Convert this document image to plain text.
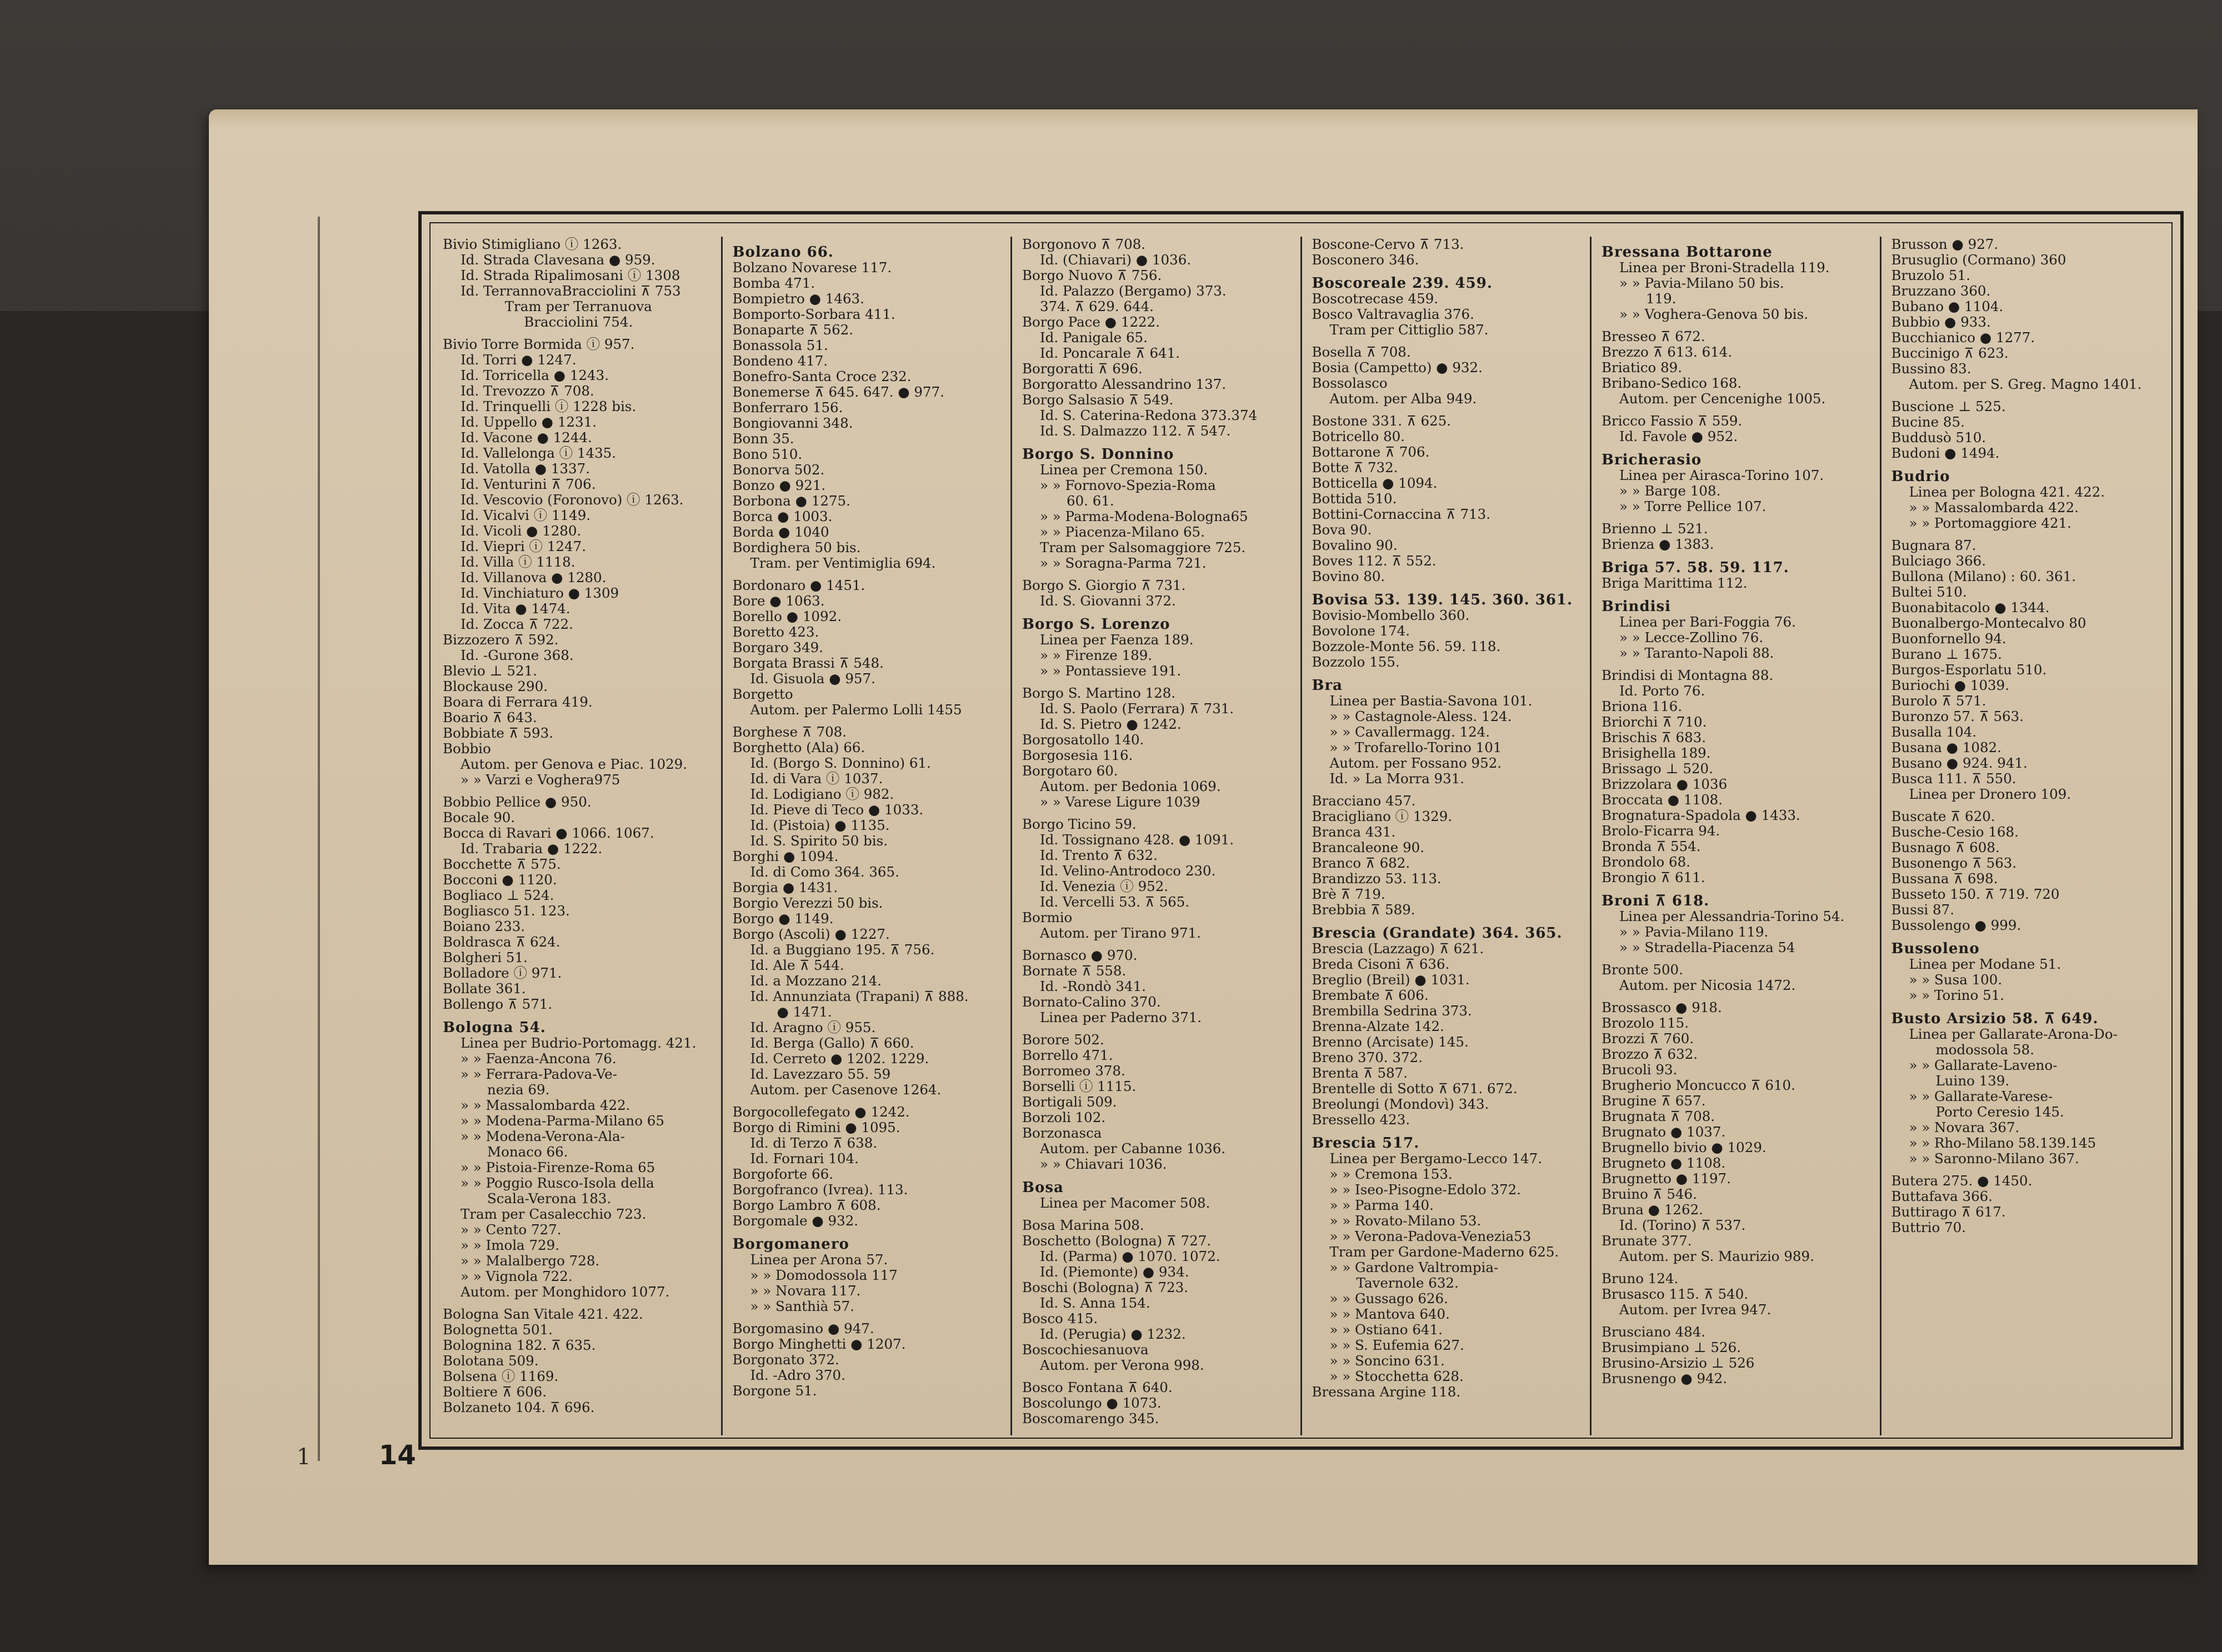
1	14
Bivio Stimigliano ⓘ 1263.
Id. Strada Clavesana ● 959.
Id. Strada Ripalimosani ⓘ 1308
Id. TerrannovaBracciolini ⊼ 753
Tram per Terranuova
Bracciolini 754.
Bivio Torre Bormida ⓘ 957.
Id. Torri ● 1247.
Id. Torricella ● 1243.
Id. Trevozzo ⊼ 708.
Id. Trinquelli ⓘ 1228 bis.
Id. Uppello ● 1231.
Id. Vacone ● 1244.
Id. Vallelonga ⓘ 1435.
Id. Vatolla ● 1337.
Id. Venturini ⊼ 706.
Id. Vescovio (Foronovo) ⓘ 1263.
Id. Vicalvi ⓘ 1149.
Id. Vicoli ● 1280.
Id. Viepri ⓘ 1247.
Id. Villa ⓘ 1118.
Id. Villanova ● 1280.
Id. Vinchiaturo ● 1309
Id. Vita ● 1474.
Id. Zocca ⊼ 722.
Bizzozero ⊼ 592.
Id. -Gurone 368.
Blevio ⊥ 521.
Blockause 290.
Boara di Ferrara 419.
Boario ⊼ 643.
Bobbiate ⊼ 593.
Bobbio
Autom. per Genova e Piac. 1029.
» » Varzi e Voghera975
Bobbio Pellice ● 950.
Bocale 90.
Bocca di Ravari ● 1066. 1067.
Id. Trabaria ● 1222.
Bocchette ⊼ 575.
Bocconi ● 1120.
Bogliaco ⊥ 524.
Bogliasco 51. 123.
Boiano 233.
Boldrasca ⊼ 624.
Bolgheri 51.
Bolladore ⓘ 971.
Bollate 361.
Bollengo ⊼ 571.
Bologna 54.
Linea per Budrio-Portomagg. 421.
» » Faenza-Ancona 76.
» » Ferrara-Padova-Ve-
nezia 69.
» » Massalombarda 422.
» » Modena-Parma-Milano 65
» » Modena-Verona-Ala-
Monaco 66.
» » Pistoia-Firenze-Roma 65
» » Poggio Rusco-Isola della
Scala-Verona 183.
Tram per Casalecchio 723.
» » Cento 727.
» » Imola 729.
» » Malalbergo 728.
» » Vignola 722.
Autom. per Monghidoro 1077.
Bologna San Vitale 421. 422.
Bolognetta 501.
Bolognina 182. ⊼ 635.
Bolotana 509.
Bolsena ⓘ 1169.
Boltiere ⊼ 606.
Bolzaneto 104. ⊼ 696.
Bolzano 66.
Bolzano Novarese 117.
Bomba 471.
Bompietro ● 1463.
Bomporto-Sorbara 411.
Bonaparte ⊼ 562.
Bonassola 51.
Bondeno 417.
Bonefro-Santa Croce 232.
Bonemerse ⊼ 645. 647. ● 977.
Bonferraro 156.
Bongiovanni 348.
Bonn 35.
Bono 510.
Bonorva 502.
Bonzo ● 921.
Borbona ● 1275.
Borca ● 1003.
Borda ● 1040
Bordighera 50 bis.
Tram. per Ventimiglia 694.
Bordonaro ● 1451.
Bore ● 1063.
Borello ● 1092.
Boretto 423.
Borgaro 349.
Borgata Brassi ⊼ 548.
Id. Gisuola ● 957.
Borgetto
Autom. per Palermo Lolli 1455
Borghese ⊼ 708.
Borghetto (Ala) 66.
Id. (Borgo S. Donnino) 61.
Id. di Vara ⓘ 1037.
Id. Lodigiano ⓘ 982.
Id. Pieve di Teco ● 1033.
Id. (Pistoia) ● 1135.
Id. S. Spirito 50 bis.
Borghi ● 1094.
Id. di Como 364. 365.
Borgia ● 1431.
Borgio Verezzi 50 bis.
Borgo ● 1149.
Borgo (Ascoli) ● 1227.
Id. a Buggiano 195. ⊼ 756.
Id. Ale ⊼ 544.
Id. a Mozzano 214.
Id. Annunziata (Trapani) ⊼ 888.
● 1471.
Id. Aragno ⓘ 955.
Id. Berga (Gallo) ⊼ 660.
Id. Cerreto ● 1202. 1229.
Id. Lavezzaro 55. 59
Autom. per Casenove 1264.
Borgocollefegato ● 1242.
Borgo di Rimini ● 1095.
Id. di Terzo ⊼ 638.
Id. Fornari 104.
Borgoforte 66.
Borgofranco (Ivrea). 113.
Borgo Lambro ⊼ 608.
Borgomale ● 932.
Borgomanero
Linea per Arona 57.
» » Domodossola 117
» » Novara 117.
» » Santhià 57.
Borgomasino ● 947.
Borgo Minghetti ● 1207.
Borgonato 372.
Id. -Adro 370.
Borgone 51.
Borgonovo ⊼ 708.
Id. (Chiavari) ● 1036.
Borgo Nuovo ⊼ 756.
Id. Palazzo (Bergamo) 373.
374. ⊼ 629. 644.
Borgo Pace ● 1222.
Id. Panigale 65.
Id. Poncarale ⊼ 641.
Borgoratti ⊼ 696.
Borgoratto Alessandrino 137.
Borgo Salsasio ⊼ 549.
Id. S. Caterina-Redona 373.374
Id. S. Dalmazzo 112. ⊼ 547.
Borgo S. Donnino
Linea per Cremona 150.
» » Fornovo-Spezia-Roma
60. 61.
» » Parma-Modena-Bologna65
» » Piacenza-Milano 65.
Tram per Salsomaggiore 725.
» » Soragna-Parma 721.
Borgo S. Giorgio ⊼ 731.
Id. S. Giovanni 372.
Borgo S. Lorenzo
Linea per Faenza 189.
» » Firenze 189.
» » Pontassieve 191.
Borgo S. Martino 128.
Id. S. Paolo (Ferrara) ⊼ 731.
Id. S. Pietro ● 1242.
Borgosatollo 140.
Borgosesia 116.
Borgotaro 60.
Autom. per Bedonia 1069.
» » Varese Ligure 1039
Borgo Ticino 59.
Id. Tossignano 428. ● 1091.
Id. Trento ⊼ 632.
Id. Velino-Antrodoco 230.
Id. Venezia ⓘ 952.
Id. Vercelli 53. ⊼ 565.
Bormio
Autom. per Tirano 971.
Bornasco ● 970.
Bornate ⊼ 558.
Id. -Rondò 341.
Bornato-Calino 370.
Linea per Paderno 371.
Borore 502.
Borrello 471.
Borromeo 378.
Borselli ⓘ 1115.
Bortigali 509.
Borzoli 102.
Borzonasca
Autom. per Cabanne 1036.
» » Chiavari 1036.
Bosa
Linea per Macomer 508.
Bosa Marina 508.
Boschetto (Bologna) ⊼ 727.
Id. (Parma) ● 1070. 1072.
Id. (Piemonte) ● 934.
Boschi (Bologna) ⊼ 723.
Id. S. Anna 154.
Bosco 415.
Id. (Perugia) ● 1232.
Boscochiesanuova
Autom. per Verona 998.
Bosco Fontana ⊼ 640.
Boscolungo ● 1073.
Boscomarengo 345.
Boscone-Cervo ⊼ 713.
Bosconero 346.
Boscoreale 239. 459.
Boscotrecase 459.
Bosco Valtravaglia 376.
Tram per Cittiglio 587.
Bosella ⊼ 708.
Bosia (Campetto) ● 932.
Bossolasco
Autom. per Alba 949.
Bostone 331. ⊼ 625.
Botricello 80.
Bottarone ⊼ 706.
Botte ⊼ 732.
Botticella ● 1094.
Bottida 510.
Bottini-Cornaccina ⊼ 713.
Bova 90.
Bovalino 90.
Boves 112. ⊼ 552.
Bovino 80.
Bovisa 53. 139. 145. 360. 361.
Bovisio-Mombello 360.
Bovolone 174.
Bozzole-Monte 56. 59. 118.
Bozzolo 155.
Bra
Linea per Bastia-Savona 101.
» » Castagnole-Aless. 124.
» » Cavallermagg. 124.
» » Trofarello-Torino 101
Autom. per Fossano 952.
Id. » La Morra 931.
Bracciano 457.
Bracigliano ⓘ 1329.
Branca 431.
Brancaleone 90.
Branco ⊼ 682.
Brandizzo 53. 113.
Brè ⊼ 719.
Brebbia ⊼ 589.
Brescia (Grandate) 364. 365.
Brescia (Lazzago) ⊼ 621.
Breda Cisoni ⊼ 636.
Breglio (Breil) ● 1031.
Brembate ⊼ 606.
Brembilla Sedrina 373.
Brenna-Alzate 142.
Brenno (Arcisate) 145.
Breno 370. 372.
Brenta ⊼ 587.
Brentelle di Sotto ⊼ 671. 672.
Breolungi (Mondovì) 343.
Bressello 423.
Brescia 517.
Linea per Bergamo-Lecco 147.
» » Cremona 153.
» » Iseo-Pisogne-Edolo 372.
» » Parma 140.
» » Rovato-Milano 53.
» » Verona-Padova-Venezia53
Tram per Gardone-Maderno 625.
» » Gardone Valtrompia-
Tavernole 632.
» » Gussago 626.
» » Mantova 640.
» » Ostiano 641.
» » S. Eufemia 627.
» » Soncino 631.
» » Stocchetta 628.
Bressana Argine 118.
Bressana Bottarone
Linea per Broni-Stradella 119.
» » Pavia-Milano 50 bis.
119.
» » Voghera-Genova 50 bis.
Bresseo ⊼ 672.
Brezzo ⊼ 613. 614.
Briatico 89.
Bribano-Sedico 168.
Autom. per Cencenighe 1005.
Bricco Fassio ⊼ 559.
Id. Favole ● 952.
Bricherasio
Linea per Airasca-Torino 107.
» » Barge 108.
» » Torre Pellice 107.
Brienno ⊥ 521.
Brienza ● 1383.
Briga 57. 58. 59. 117.
Briga Marittima 112.
Brindisi
Linea per Bari-Foggia 76.
» » Lecce-Zollino 76.
» » Taranto-Napoli 88.
Brindisi di Montagna 88.
Id. Porto 76.
Briona 116.
Briorchi ⊼ 710.
Brischis ⊼ 683.
Brisighella 189.
Brissago ⊥ 520.
Brizzolara ● 1036
Broccata ● 1108.
Brognatura-Spadola ● 1433.
Brolo-Ficarra 94.
Bronda ⊼ 554.
Brondolo 68.
Brongio ⊼ 611.
Broni ⊼ 618.
Linea per Alessandria-Torino 54.
» » Pavia-Milano 119.
» » Stradella-Piacenza 54
Bronte 500.
Autom. per Nicosia 1472.
Brossasco ● 918.
Brozolo 115.
Brozzi ⊼ 760.
Brozzo ⊼ 632.
Brucoli 93.
Brugherio Moncucco ⊼ 610.
Brugine ⊼ 657.
Brugnata ⊼ 708.
Brugnato ● 1037.
Brugnello bivio ● 1029.
Brugneto ● 1108.
Brugnetto ● 1197.
Bruino ⊼ 546.
Bruna ● 1262.
Id. (Torino) ⊼ 537.
Brunate 377.
Autom. per S. Maurizio 989.
Bruno 124.
Brusasco 115. ⊼ 540.
Autom. per Ivrea 947.
Brusciano 484.
Brusimpiano ⊥ 526.
Brusino-Arsizio ⊥ 526
Brusnengo ● 942.
Brusson ● 927.
Brusuglio (Cormano) 360
Bruzolo 51.
Bruzzano 360.
Bubano ● 1104.
Bubbio ● 933.
Bucchianico ● 1277.
Buccinigo ⊼ 623.
Bussino 83.
Autom. per S. Greg. Magno 1401.
Buscione ⊥ 525.
Bucine 85.
Buddusò 510.
Budoni ● 1494.
Budrio
Linea per Bologna 421. 422.
» » Massalombarda 422.
» » Portomaggiore 421.
Bugnara 87.
Bulciago 366.
Bullona (Milano) : 60. 361.
Bultei 510.
Buonabitacolo ● 1344.
Buonalbergo-Montecalvo 80
Buonfornello 94.
Burano ⊥ 1675.
Burgos-Esporlatu 510.
Buriochi ● 1039.
Burolo ⊼ 571.
Buronzo 57. ⊼ 563.
Busalla 104.
Busana ● 1082.
Busano ● 924. 941.
Busca 111. ⊼ 550.
Linea per Dronero 109.
Buscate ⊼ 620.
Busche-Cesio 168.
Busnago ⊼ 608.
Busonengo ⊼ 563.
Bussana ⊼ 698.
Busseto 150. ⊼ 719. 720
Bussi 87.
Bussolengo ● 999.
Bussoleno
Linea per Modane 51.
» » Susa 100.
» » Torino 51.
Busto Arsizio 58. ⊼ 649.
Linea per Gallarate-Arona-Do-
modossola 58.
» » Gallarate-Laveno-
Luino 139.
» » Gallarate-Varese-
Porto Ceresio 145.
» » Novara 367.
» » Rho-Milano 58.139.145
» » Saronno-Milano 367.
Butera 275. ● 1450.
Buttafava 366.
Buttirago ⊼ 617.
Buttrio 70.
